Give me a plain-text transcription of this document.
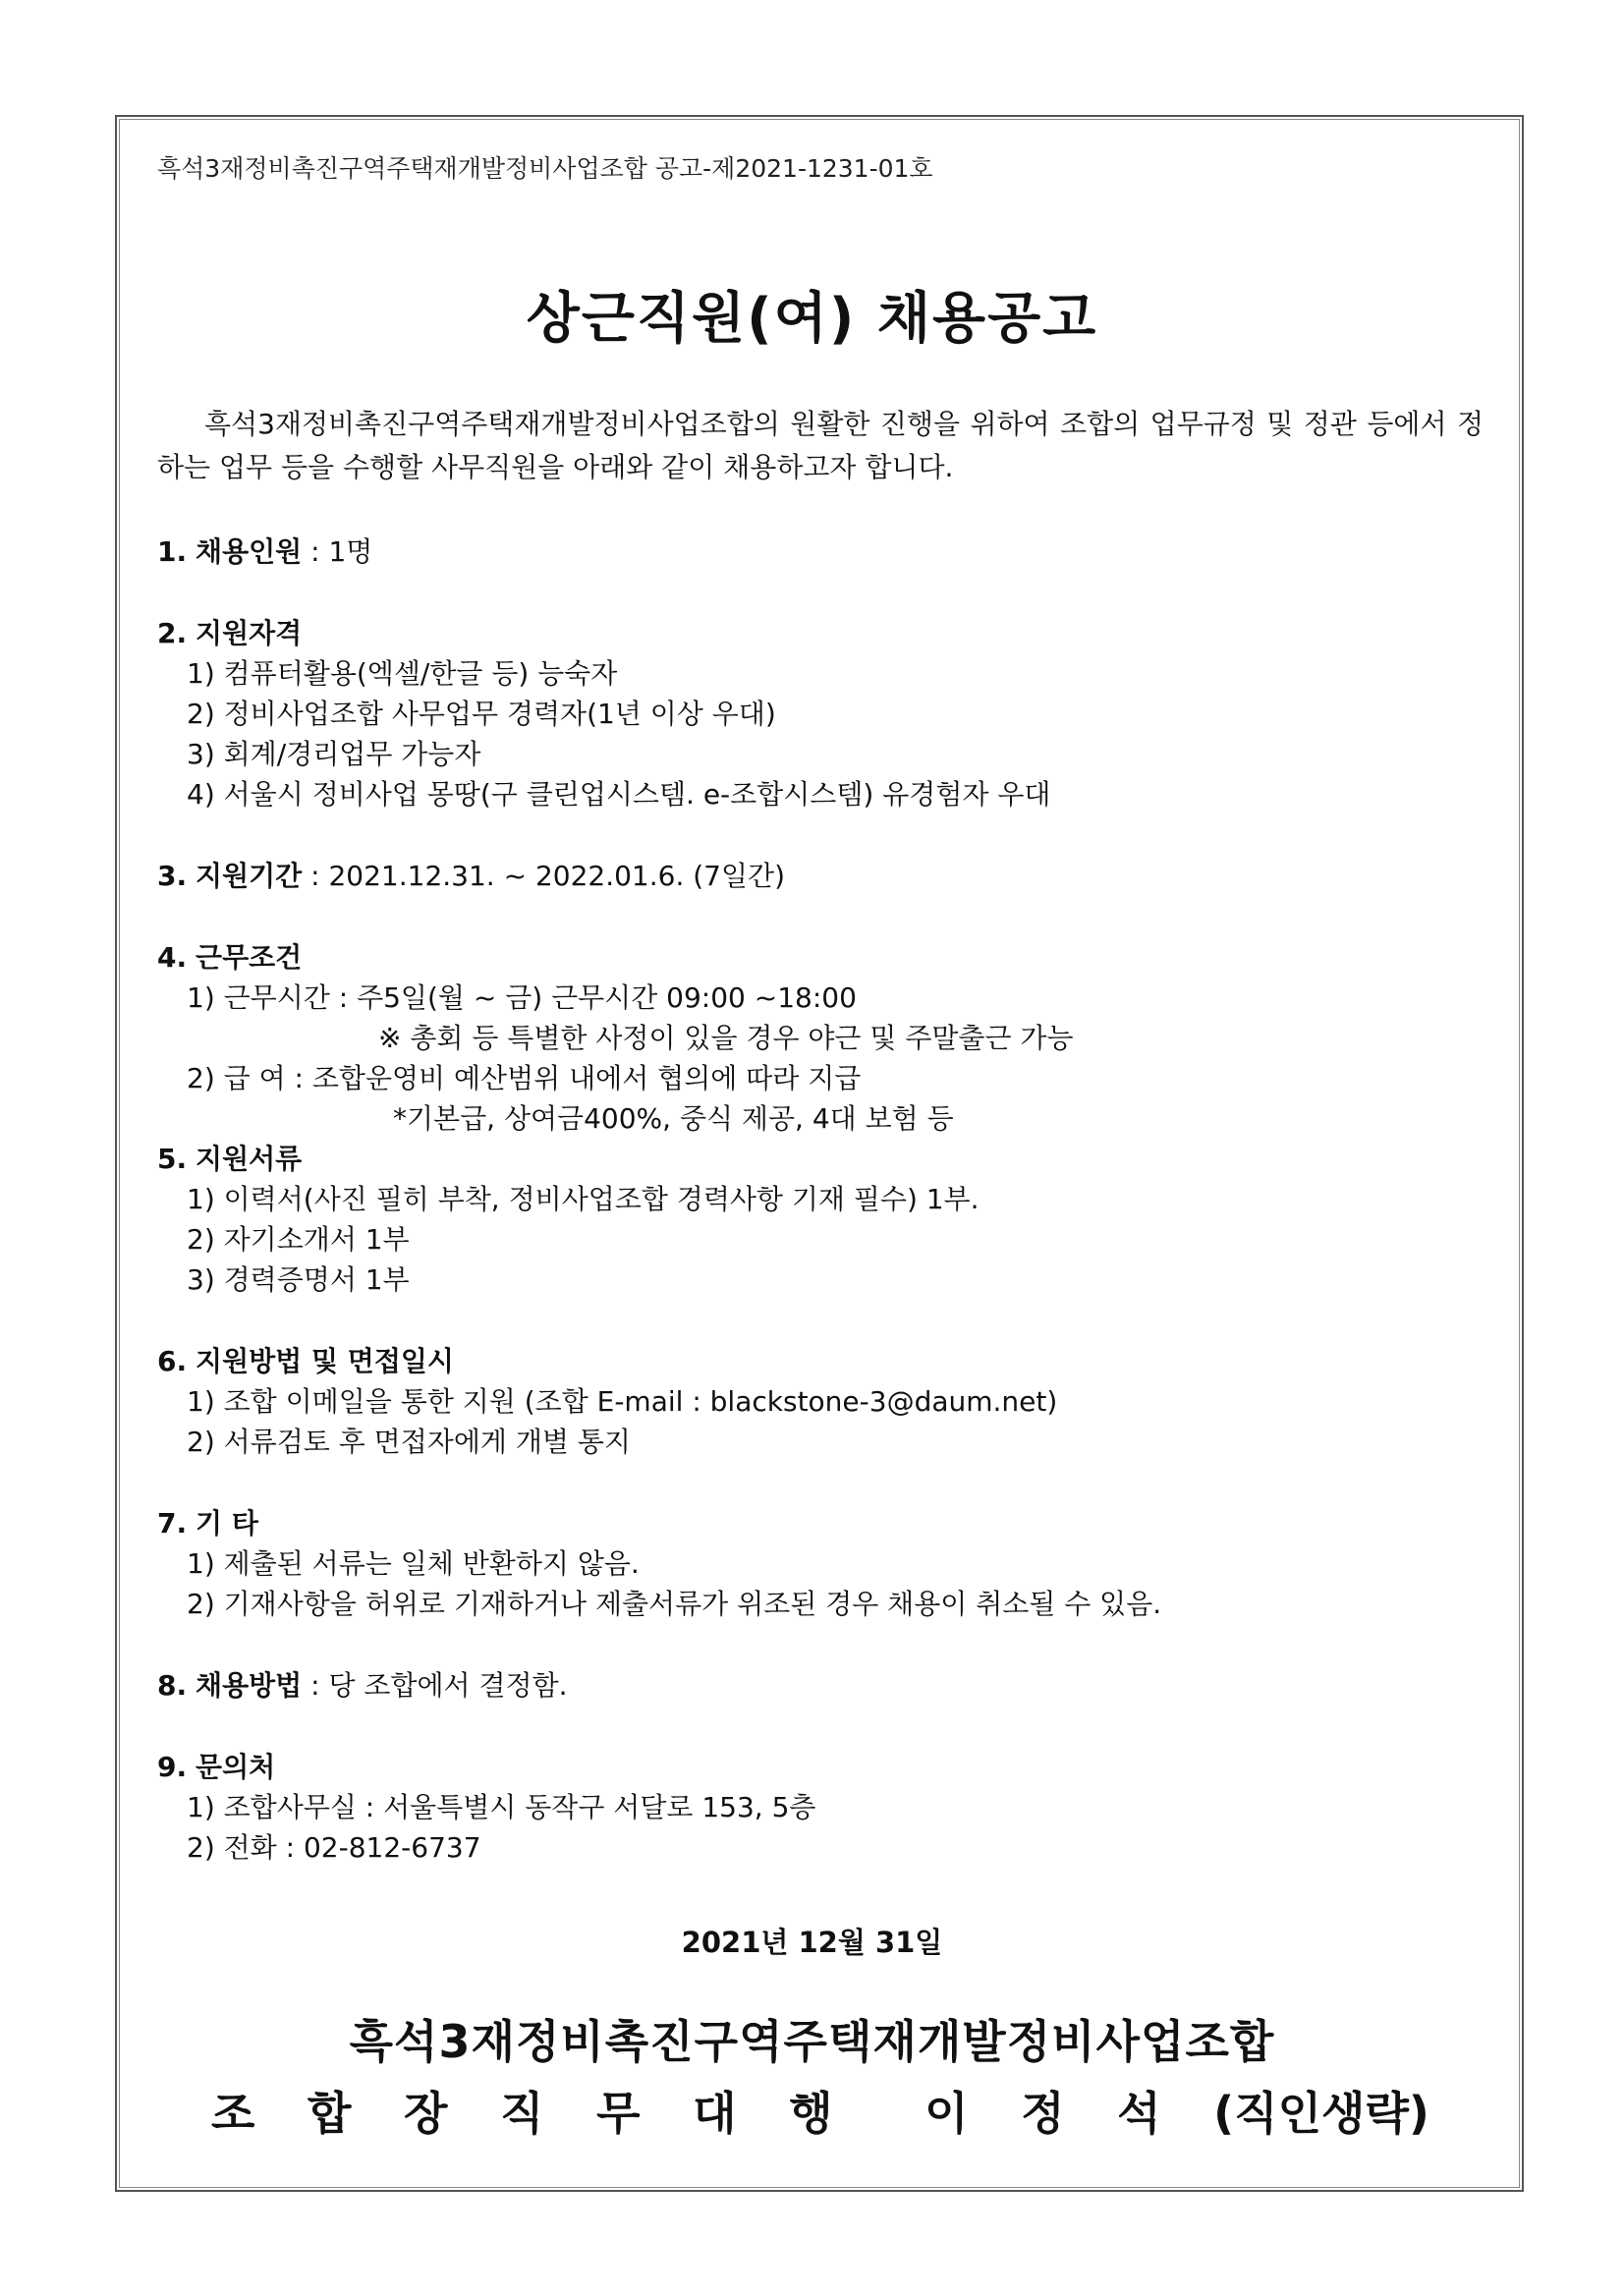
흑석3재정비촉진구역주택재개발정비사업조합 공고-제2021-1231-01호
상근직원(여) 채용공고
흑석3재정비촉진구역주택재개발정비사업조합의 원활한 진행을 위하여 조합의 업무규정 및 정관 등에서 정하는 업무 등을 수행할 사무직원을 아래와 같이 채용하고자 합니다.
1. 채용인원 : 1명
2. 지원자격
1) 컴퓨터활용(엑셀/한글 등) 능숙자
2) 정비사업조합 사무업무 경력자(1년 이상 우대)
3) 회계/경리업무 가능자
4) 서울시 정비사업 몽땅(구 클린업시스템. e-조합시스템) 유경험자 우대
3. 지원기간 : 2021.12.31. ~ 2022.01.6. (7일간)
4. 근무조건
1) 근무시간 : 주5일(월 ~ 금) 근무시간 09:00 ~18:00
※ 총회 등 특별한 사정이 있을 경우 야근 및 주말출근 가능
2) 급 여 : 조합운영비 예산범위 내에서 협의에 따라 지급
*기본급, 상여금400%, 중식 제공, 4대 보험 등
5. 지원서류
1) 이력서(사진 필히 부착, 정비사업조합 경력사항 기재 필수) 1부.
2) 자기소개서 1부
3) 경력증명서 1부
6. 지원방법 및 면접일시
1) 조합 이메일을 통한 지원 (조합 E-mail : blackstone-3@daum.net)
2) 서류검토 후 면접자에게 개별 통지
7. 기 타
1) 제출된 서류는 일체 반환하지 않음.
2) 기재사항을 허위로 기재하거나 제출서류가 위조된 경우 채용이 취소될 수 있음.
8. 채용방법 : 당 조합에서 결정함.
9. 문의처
1) 조합사무실 : 서울특별시 동작구 서달로 153, 5층
2) 전화 : 02-812-6737
2021년 12월 31일
흑석3재정비촉진구역주택재개발정비사업조합
조 합 장 직 무 대 행 이 정 석 (직인생략)
